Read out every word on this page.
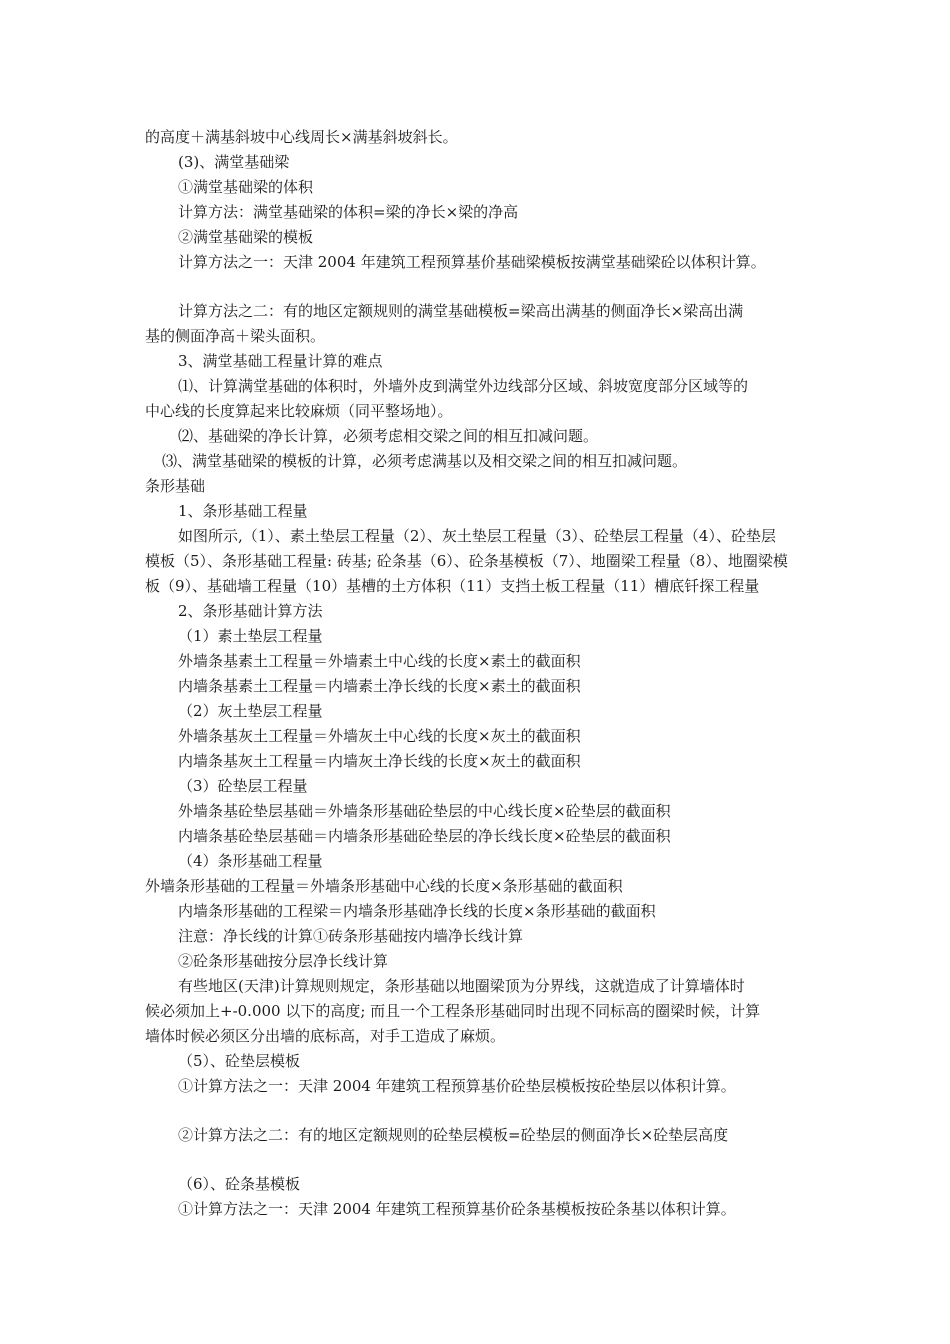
的高度＋满基斜坡中心线周长×满基斜坡斜长。
(3)、满堂基础梁
①满堂基础梁的体积
计算方法：满堂基础梁的体积=梁的净长×梁的净高
②满堂基础梁的模板
计算方法之一：天津 2004 年建筑工程预算基价基础梁模板按满堂基础梁砼以体积计算。
计算方法之二：有的地区定额规则的满堂基础模板=梁高出满基的侧面净长×梁高出满
基的侧面净高＋梁头面积。
3、满堂基础工程量计算的难点
⑴、计算满堂基础的体积时，外墙外皮到满堂外边线部分区域、斜坡宽度部分区域等的
中心线的长度算起来比较麻烦（同平整场地）。
⑵、基础梁的净长计算，必须考虑相交梁之间的相互扣减问题。
⑶、满堂基础梁的模板的计算，必须考虑满基以及相交梁之间的相互扣减问题。
条形基础
1、条形基础工程量
如图所示,（1）、素土垫层工程量（2）、灰土垫层工程量（3）、砼垫层工程量（4）、砼垫层
模板（5）、条形基础工程量: 砖基; 砼条基（6）、砼条基模板（7）、地圈梁工程量（8）、地圈梁模
板（9）、基础墙工程量（10）基槽的土方体积（11）支挡土板工程量（11）槽底钎探工程量
2、条形基础计算方法
（1）素土垫层工程量
外墙条基素土工程量＝外墙素土中心线的长度×素土的截面积
内墙条基素土工程量＝内墙素土净长线的长度×素土的截面积
（2）灰土垫层工程量
外墙条基灰土工程量＝外墙灰土中心线的长度×灰土的截面积
内墙条基灰土工程量＝内墙灰土净长线的长度×灰土的截面积
（3）砼垫层工程量
外墙条基砼垫层基础＝外墙条形基础砼垫层的中心线长度×砼垫层的截面积
内墙条基砼垫层基础＝内墙条形基础砼垫层的净长线长度×砼垫层的截面积
（4）条形基础工程量
外墙条形基础的工程量＝外墙条形基础中心线的长度×条形基础的截面积
内墙条形基础的工程梁＝内墙条形基础净长线的长度×条形基础的截面积
注意：净长线的计算①砖条形基础按内墙净长线计算
②砼条形基础按分层净长线计算
有些地区(天津)计算规则规定，条形基础以地圈梁顶为分界线，这就造成了计算墙体时
候必须加上+-0.000 以下的高度; 而且一个工程条形基础同时出现不同标高的圈梁时候，计算
墙体时候必须区分出墙的底标高，对手工造成了麻烦。
（5）、砼垫层模板
①计算方法之一：天津 2004 年建筑工程预算基价砼垫层模板按砼垫层以体积计算。
②计算方法之二：有的地区定额规则的砼垫层模板=砼垫层的侧面净长×砼垫层高度
（6）、砼条基模板
①计算方法之一：天津 2004 年建筑工程预算基价砼条基模板按砼条基以体积计算。
